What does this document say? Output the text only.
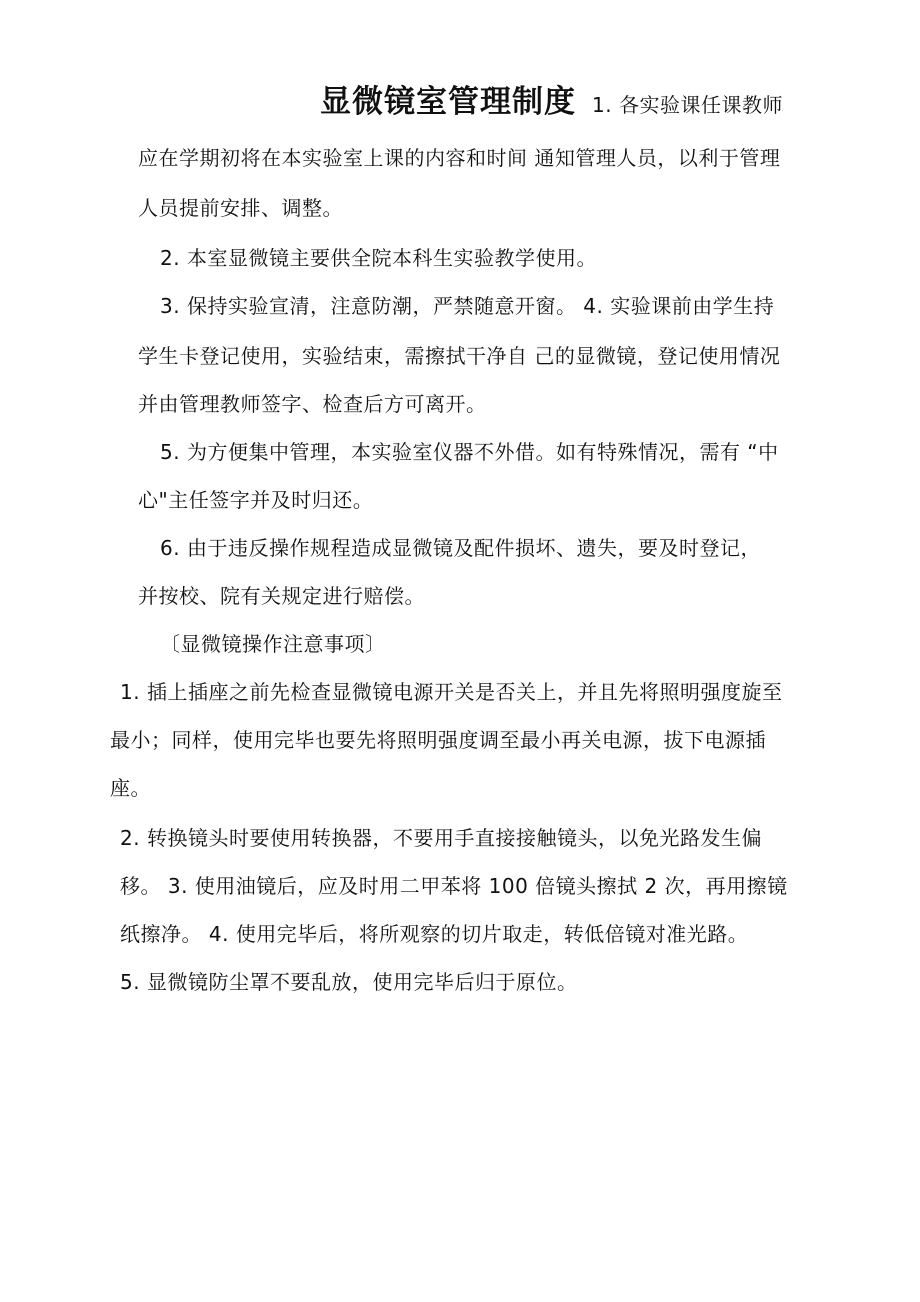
显微镜室管理制度 1. 各实验课任课教师
应在学期初将在本实验室上课的内容和时间 通知管理人员，以利于管理
人员提前安排、调整。
2. 本室显微镜主要供全院本科生实验教学使用。
3. 保持实验宣清，注意防潮，严禁随意开窗。 4. 实验课前由学生持
学生卡登记使用，实验结束，需擦拭干净自 己的显微镜，登记使用情况
并由管理教师签字、检查后方可离开。
5. 为方便集中管理，本实验室仪器不外借。如有特殊情况，需有 “中
心"主任签字并及时归还。
6. 由于违反操作规程造成显微镜及配件损坏、遗失，要及时登记，
并按校、院有关规定进行赔偿。
〔显微镜操作注意事项〕
1. 插上插座之前先检查显微镜电源开关是否关上，并且先将照明强度旋至
最小；同样，使用完毕也要先将照明强度调至最小再关电源，拔下电源插
座。
2. 转换镜头时要使用转换器，不要用手直接接触镜头，以免光路发生偏
移。 3. 使用油镜后，应及时用二甲苯将 100 倍镜头擦拭 2 次，再用擦镜
纸擦净。 4. 使用完毕后，将所观察的切片取走，转低倍镜对准光路。
5. 显微镜防尘罩不要乱放，使用完毕后归于原位。
